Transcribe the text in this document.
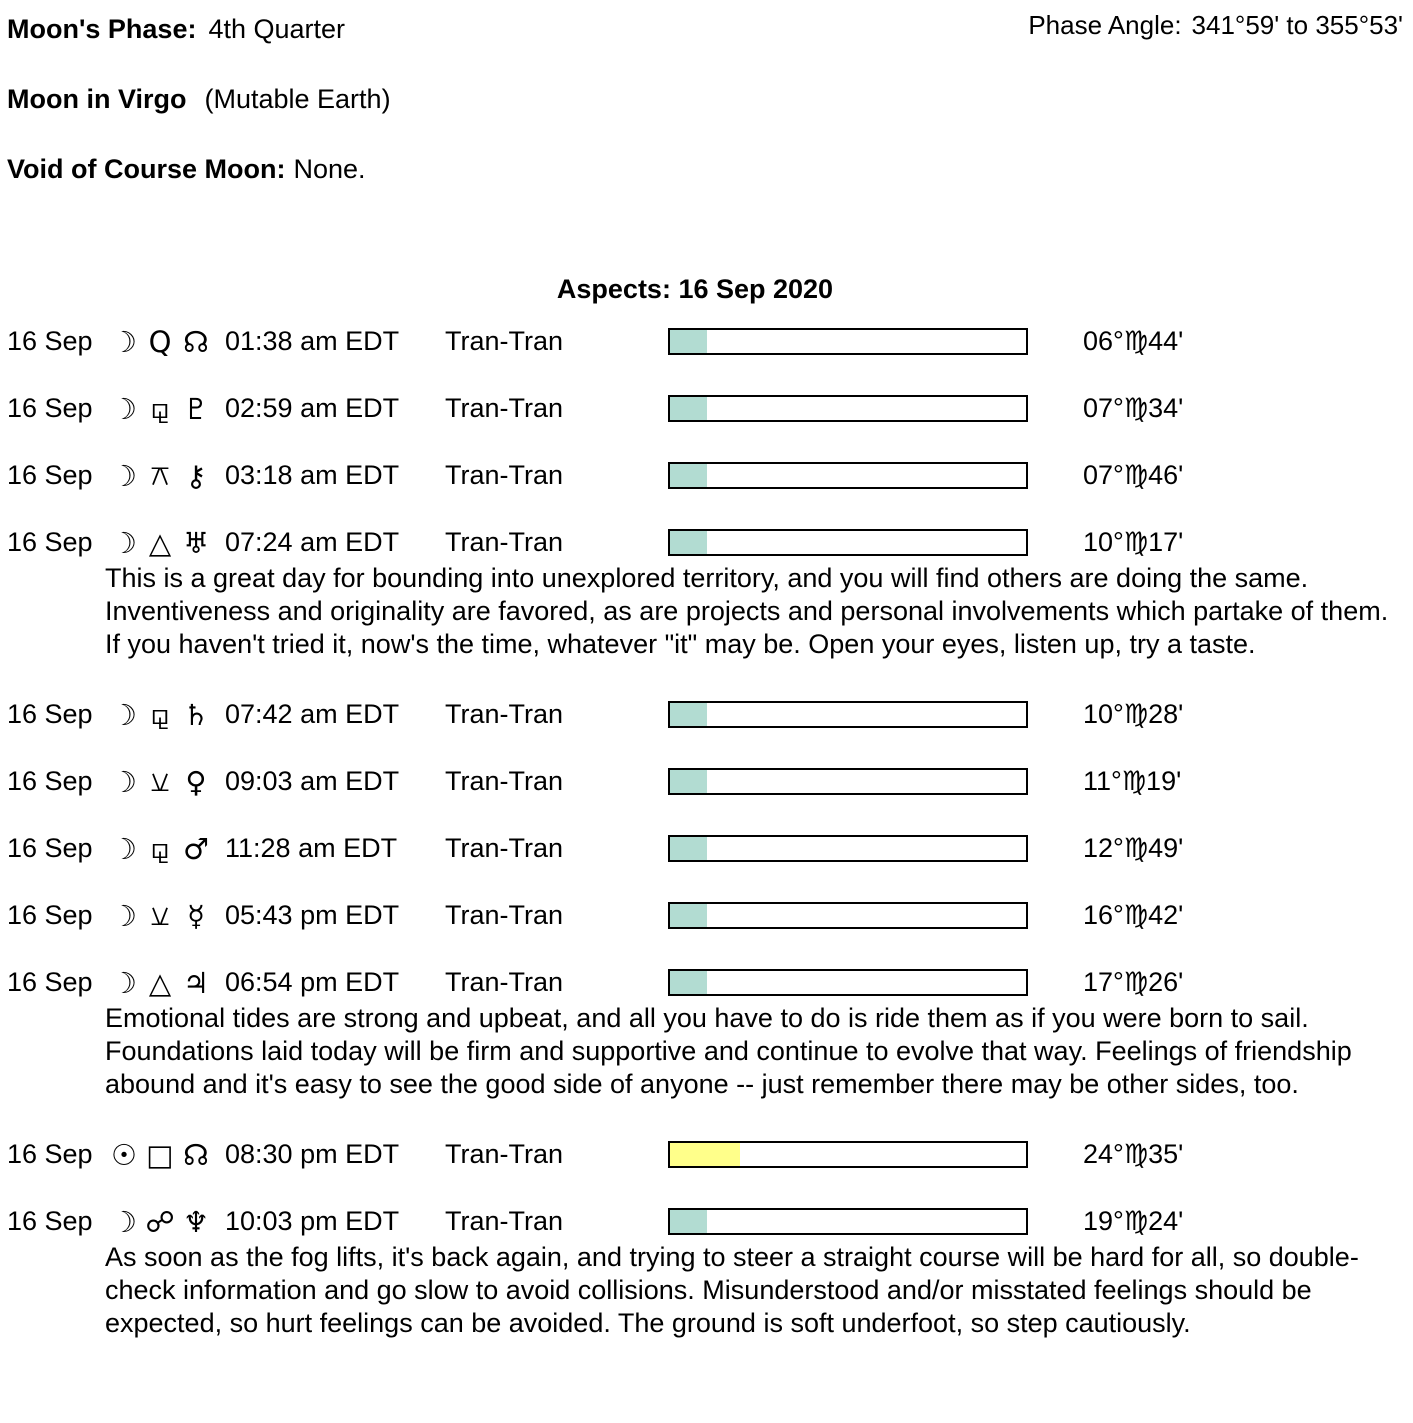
Phase Angle: 341°59' to 355°53'
Moon's Phase: 4th Quarter
Moon in Virgo (Mutable Earth)
Void of Course Moon: None.
Aspects: 16 Sep 2020
16 Sep ☽ Q ☊ 01:38 am EDT	Tran-Tran	06°♍44'
16 Sep ☽ ⚼ ♇ 02:59 am EDT	Tran-Tran	07°♍34'
16 Sep ☽ ⚻ ⚷ 03:18 am EDT	Tran-Tran	07°♍46'
16 Sep ☽ △ ♅ 07:24 am EDT	Tran-Tran	10°♍17'

This is a great day for bounding into unexplored territory, and you will find others are doing the same. Inventiveness and originality are favored, as are projects and personal involvements which partake of them. If you haven't tried it, now's the time, whatever "it" may be. Open your eyes, listen up, try a taste.

16 Sep ☽ ⚼ ♄ 07:42 am EDT	Tran-Tran	10°♍28'
16 Sep ☽ ⚺ ♀ 09:03 am EDT	Tran-Tran	11°♍19'
16 Sep ☽ ⚼ ♂ 11:28 am EDT	Tran-Tran	12°♍49'
16 Sep ☽ ⚺ ☿ 05:43 pm EDT	Tran-Tran	16°♍42'
16 Sep ☽ △ ♃ 06:54 pm EDT	Tran-Tran	17°♍26'

Emotional tides are strong and upbeat, and all you have to do is ride them as if you were born to sail. Foundations laid today will be firm and supportive and continue to evolve that way. Feelings of friendship abound and it's easy to see the good side of anyone -- just remember there may be other sides, too.

16 Sep ☉ □ ☊ 08:30 pm EDT	Tran-Tran	24°♍35'
16 Sep ☽ ☍ ♆ 10:03 pm EDT	Tran-Tran	19°♍24'

As soon as the fog lifts, it's back again, and trying to steer a straight course will be hard for all, so double-check information and go slow to avoid collisions. Misunderstood and/or misstated feelings should be expected, so hurt feelings can be avoided. The ground is soft underfoot, so step cautiously.
